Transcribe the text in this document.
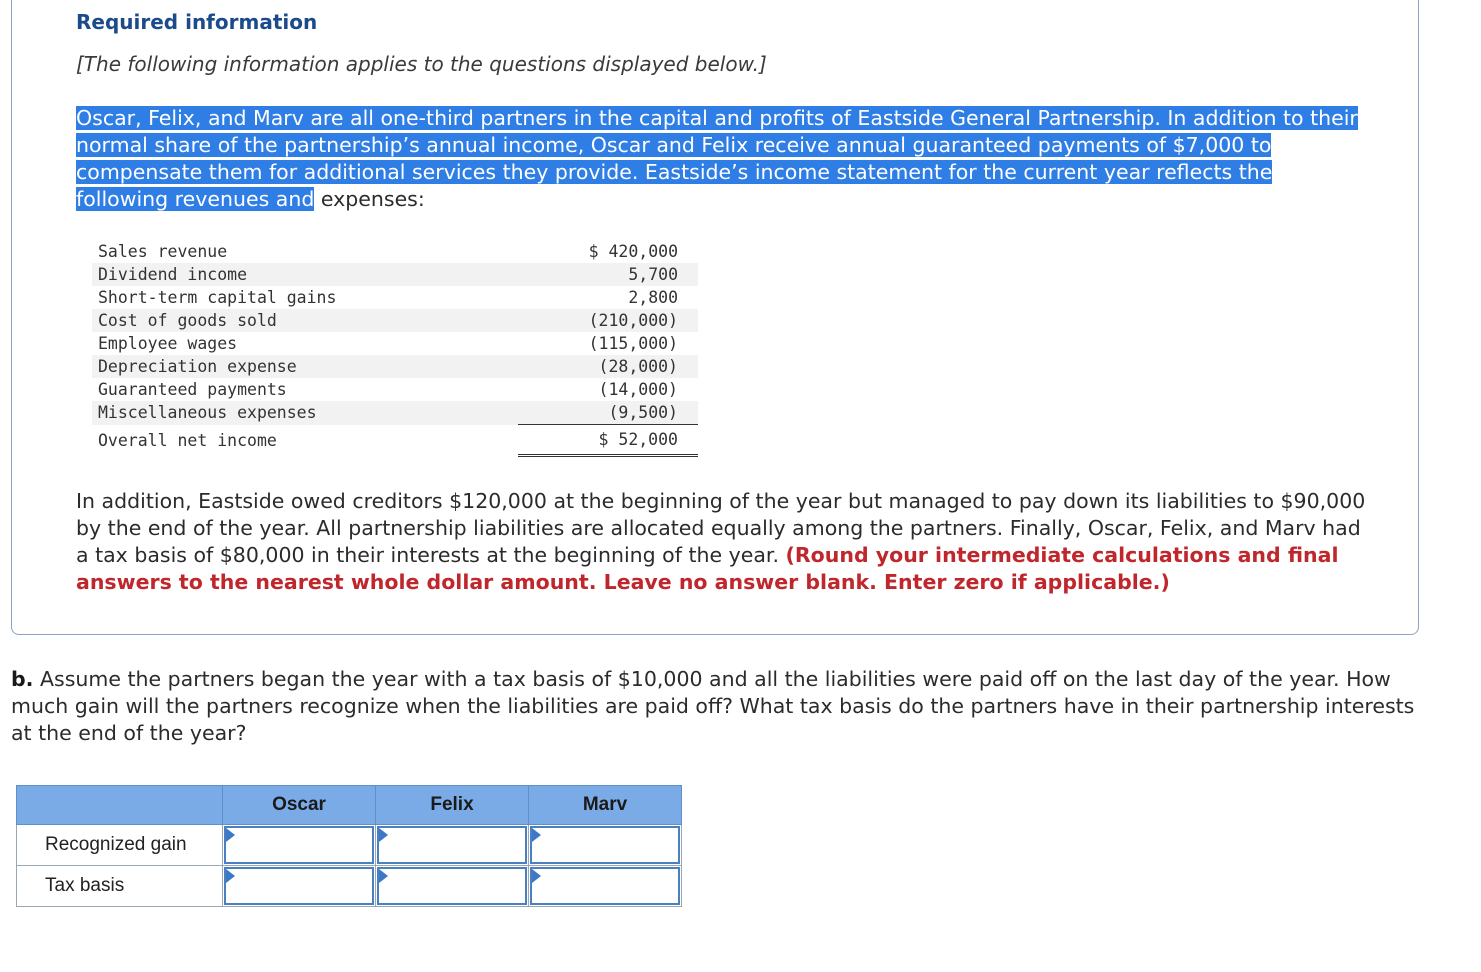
Required information

[The following information applies to the questions displayed below.]

Oscar, Felix, and Marv are all one-third partners in the capital and profits of Eastside General Partnership. In addition to their normal share of the partnership’s annual income, Oscar and Felix receive annual guaranteed payments of $7,000 to compensate them for additional services they provide. Eastside’s income statement for the current year reflects the following revenues and expenses:

Sales revenue	$ 420,000
Dividend income	5,700
Short-term capital gains	2,800
Cost of goods sold	(210,000)
Employee wages	(115,000)
Depreciation expense	(28,000)
Guaranteed payments	(14,000)
Miscellaneous expenses	(9,500)
Overall net income	$ 52,000

In addition, Eastside owed creditors $120,000 at the beginning of the year but managed to pay down its liabilities to $90,000 by the end of the year. All partnership liabilities are allocated equally among the partners. Finally, Oscar, Felix, and Marv had a tax basis of $80,000 in their interests at the beginning of the year. (Round your intermediate calculations and final answers to the nearest whole dollar amount. Leave no answer blank. Enter zero if applicable.)

b. Assume the partners began the year with a tax basis of $10,000 and all the liabilities were paid off on the last day of the year. How much gain will the partners recognize when the liabilities are paid off? What tax basis do the partners have in their partnership interests at the end of the year?

	Oscar	Felix	Marv
Recognized gain	

Tax basis	
